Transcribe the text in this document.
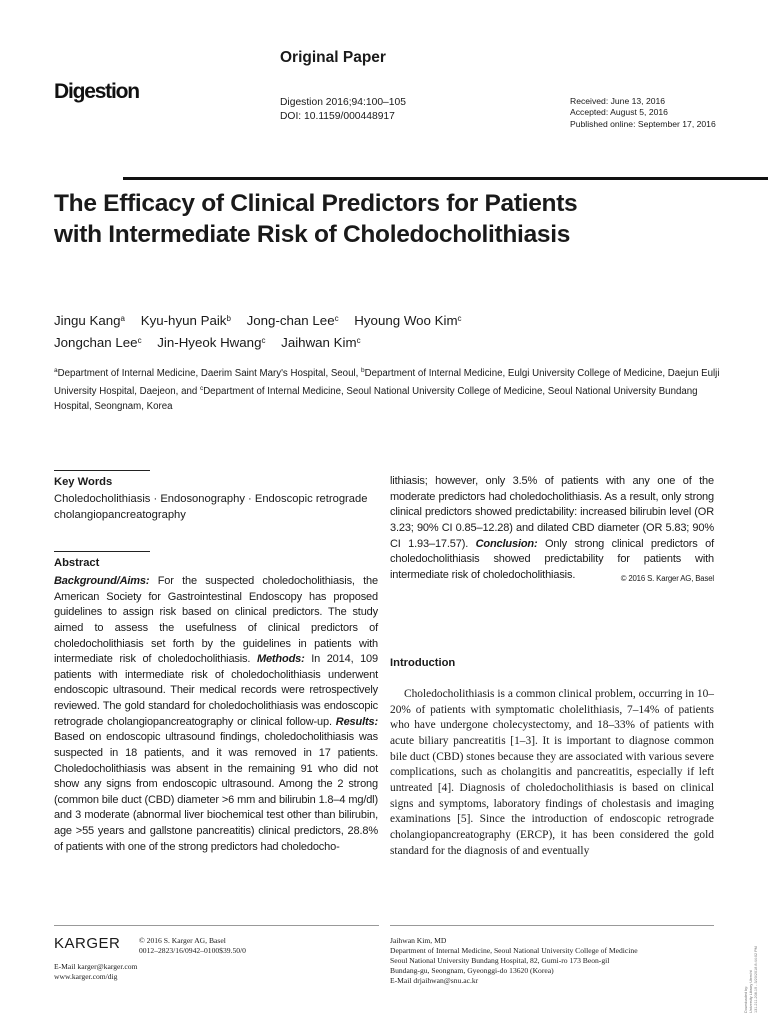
Digestion
Original Paper
Digestion 2016;94:100–105
DOI: 10.1159/000448917
Received: June 13, 2016
Accepted: August 5, 2016
Published online: September 17, 2016
The Efficacy of Clinical Predictors for Patients with Intermediate Risk of Choledocholithiasis
Jingu Kang$^a$ Kyu-hyun Paik$^b$ Jong-chan Lee$^c$ Hyoung Woo Kim$^c$
Jongchan Lee$^c$ Jin-Hyeok Hwang$^c$ Jaihwan Kim$^c$
$^a$Department of Internal Medicine, Daerim Saint Mary's Hospital, Seoul, $^b$Department of Internal Medicine, Eulgi University College of Medicine, Daejun Eulji University Hospital, Daejeon, and $^c$Department of Internal Medicine, Seoul National University College of Medicine, Seoul National University Bundang Hospital, Seongnam, Korea
Key Words
Choledocholithiasis · Endosonography · Endoscopic retrograde cholangiopancreatography
Abstract
Background/Aims: For the suspected choledocholithiasis, the American Society for Gastrointestinal Endoscopy has proposed guidelines to assign risk based on clinical predictors. The study aimed to assess the usefulness of clinical predictors of choledocholithiasis set forth by the guidelines in patients with intermediate risk of choledocholithiasis. Methods: In 2014, 109 patients with intermediate risk of choledocholithiasis underwent endoscopic ultrasound. Their medical records were retrospectively reviewed. The gold standard for choledocholithiasis was endoscopic retrograde cholangiopancreatography or clinical follow-up. Results: Based on endoscopic ultrasound findings, choledocholithiasis was suspected in 18 patients, and it was removed in 17 patients. Choledocholithiasis was absent in the remaining 91 who did not show any signs from endoscopic ultrasound. Among the 2 strong (common bile duct (CBD) diameter >6 mm and bilirubin 1.8–4 mg/dl) and 3 moderate (abnormal liver biochemical test other than bilirubin, age >55 years and gallstone pancreatitis) clinical predictors, 28.8% of patients with one of the strong predictors had choledocho-
lithiasis; however, only 3.5% of patients with any one of the moderate predictors had choledocholithiasis. As a result, only strong clinical predictors showed predictability: increased bilirubin level (OR 3.23; 90% CI 0.85–12.28) and dilated CBD diameter (OR 5.83; 90% CI 1.93–17.57). Conclusion: Only strong clinical predictors of choledocholithiasis showed predictability for patients with intermediate risk of choledocholithiasis.	© 2016 S. Karger AG, Basel
Introduction
Choledocholithiasis is a common clinical problem, occurring in 10–20% of patients with symptomatic cholelithiasis, 7–14% of patients who have undergone cholecystectomy, and 18–33% of patients with acute biliary pancreatitis [1–3]. It is important to diagnose common bile duct (CBD) stones because they are associated with various severe complications, such as cholangitis and pancreatitis, especially if left untreated [4]. Diagnosis of choledocholithiasis is based on clinical signs and symptoms, laboratory findings of cholestasis and imaging examinations [5]. Since the introduction of endoscopic retrograde cholangiopancreatography (ERCP), it has been considered the gold standard for the diagnosis of and eventually
KARGER © 2016 S. Karger AG, Basel
0012–2823/16/0942–0100$39.50/0
E-Mail karger@karger.com
www.karger.com/dig
Jaihwan Kim, MD
Department of Internal Medicine, Seoul National University College of Medicine
Seoul National University Bundang Hospital, 82, Gumi-ro 173 Beon-gil
Bundang-gu, Seongnam, Gyeonggi-do 13620 (Korea)
E-Mail drjaihwan@snu.ac.kr
Downloaded by:
University Library Utrecht
131.211.208.19 - 3/20/2018 8:44:02 PM
